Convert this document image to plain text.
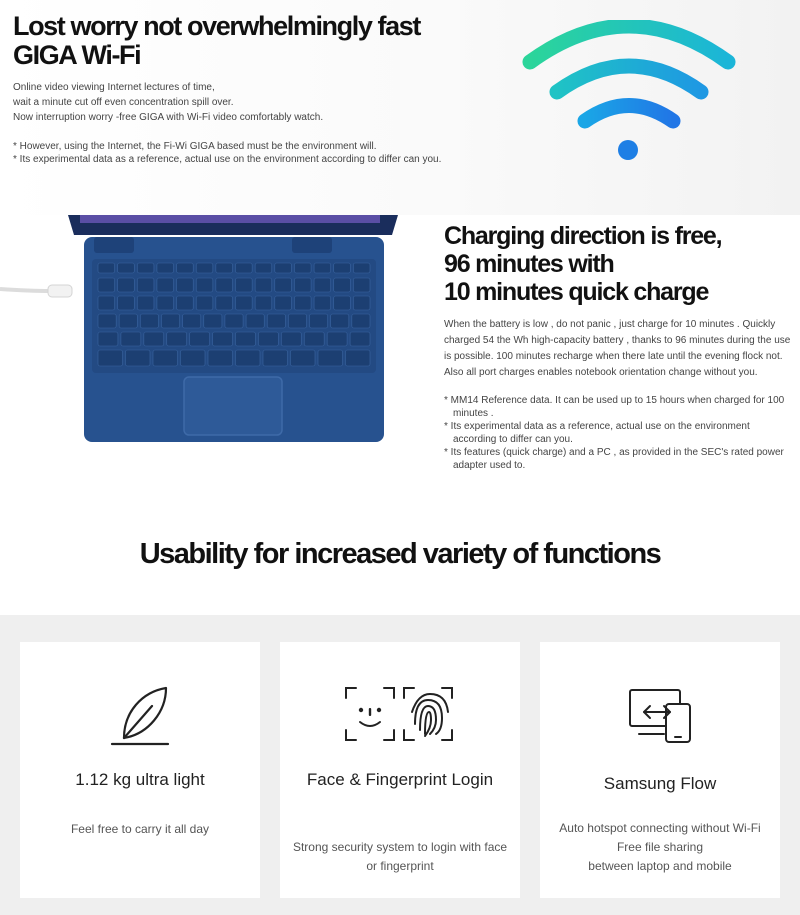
Lost worry not overwhelmingly fast
GIGA Wi-Fi
Online video viewing Internet lectures of time,
wait a minute cut off even concentration spill over.
Now interruption worry -free GIGA with Wi-Fi video comfortably watch.
* However, using the Internet, the Fi-Wi GIGA based must be the environment will.
* Its experimental data as a reference, actual use on the environment according to differ can you.
Charging direction is free,
96 minutes with
10 minutes quick charge

When the battery is low , do not panic , just charge for 10 minutes . Quickly charged 54 the Wh high-capacity battery , thanks to 96 minutes during the use is possible. 100 minutes recharge when there late until the evening flock not. Also all port charges enables notebook orientation change without you.

* MM14 Reference data. It can be used up to 15 hours when charged for 100 minutes .
* Its experimental data as a reference, actual use on the environment according to differ can you.
* Its features (quick charge) and a PC , as provided in the SEC's rated power adapter used to.
Usability for increased variety of functions
1.12 kg ultra light
Feel free to carry it all day
Face & Fingerprint Login
Strong security system to login with face or fingerprint
Samsung Flow
Auto hotspot connecting without Wi-Fi
Free file sharing
between laptop and mobile
